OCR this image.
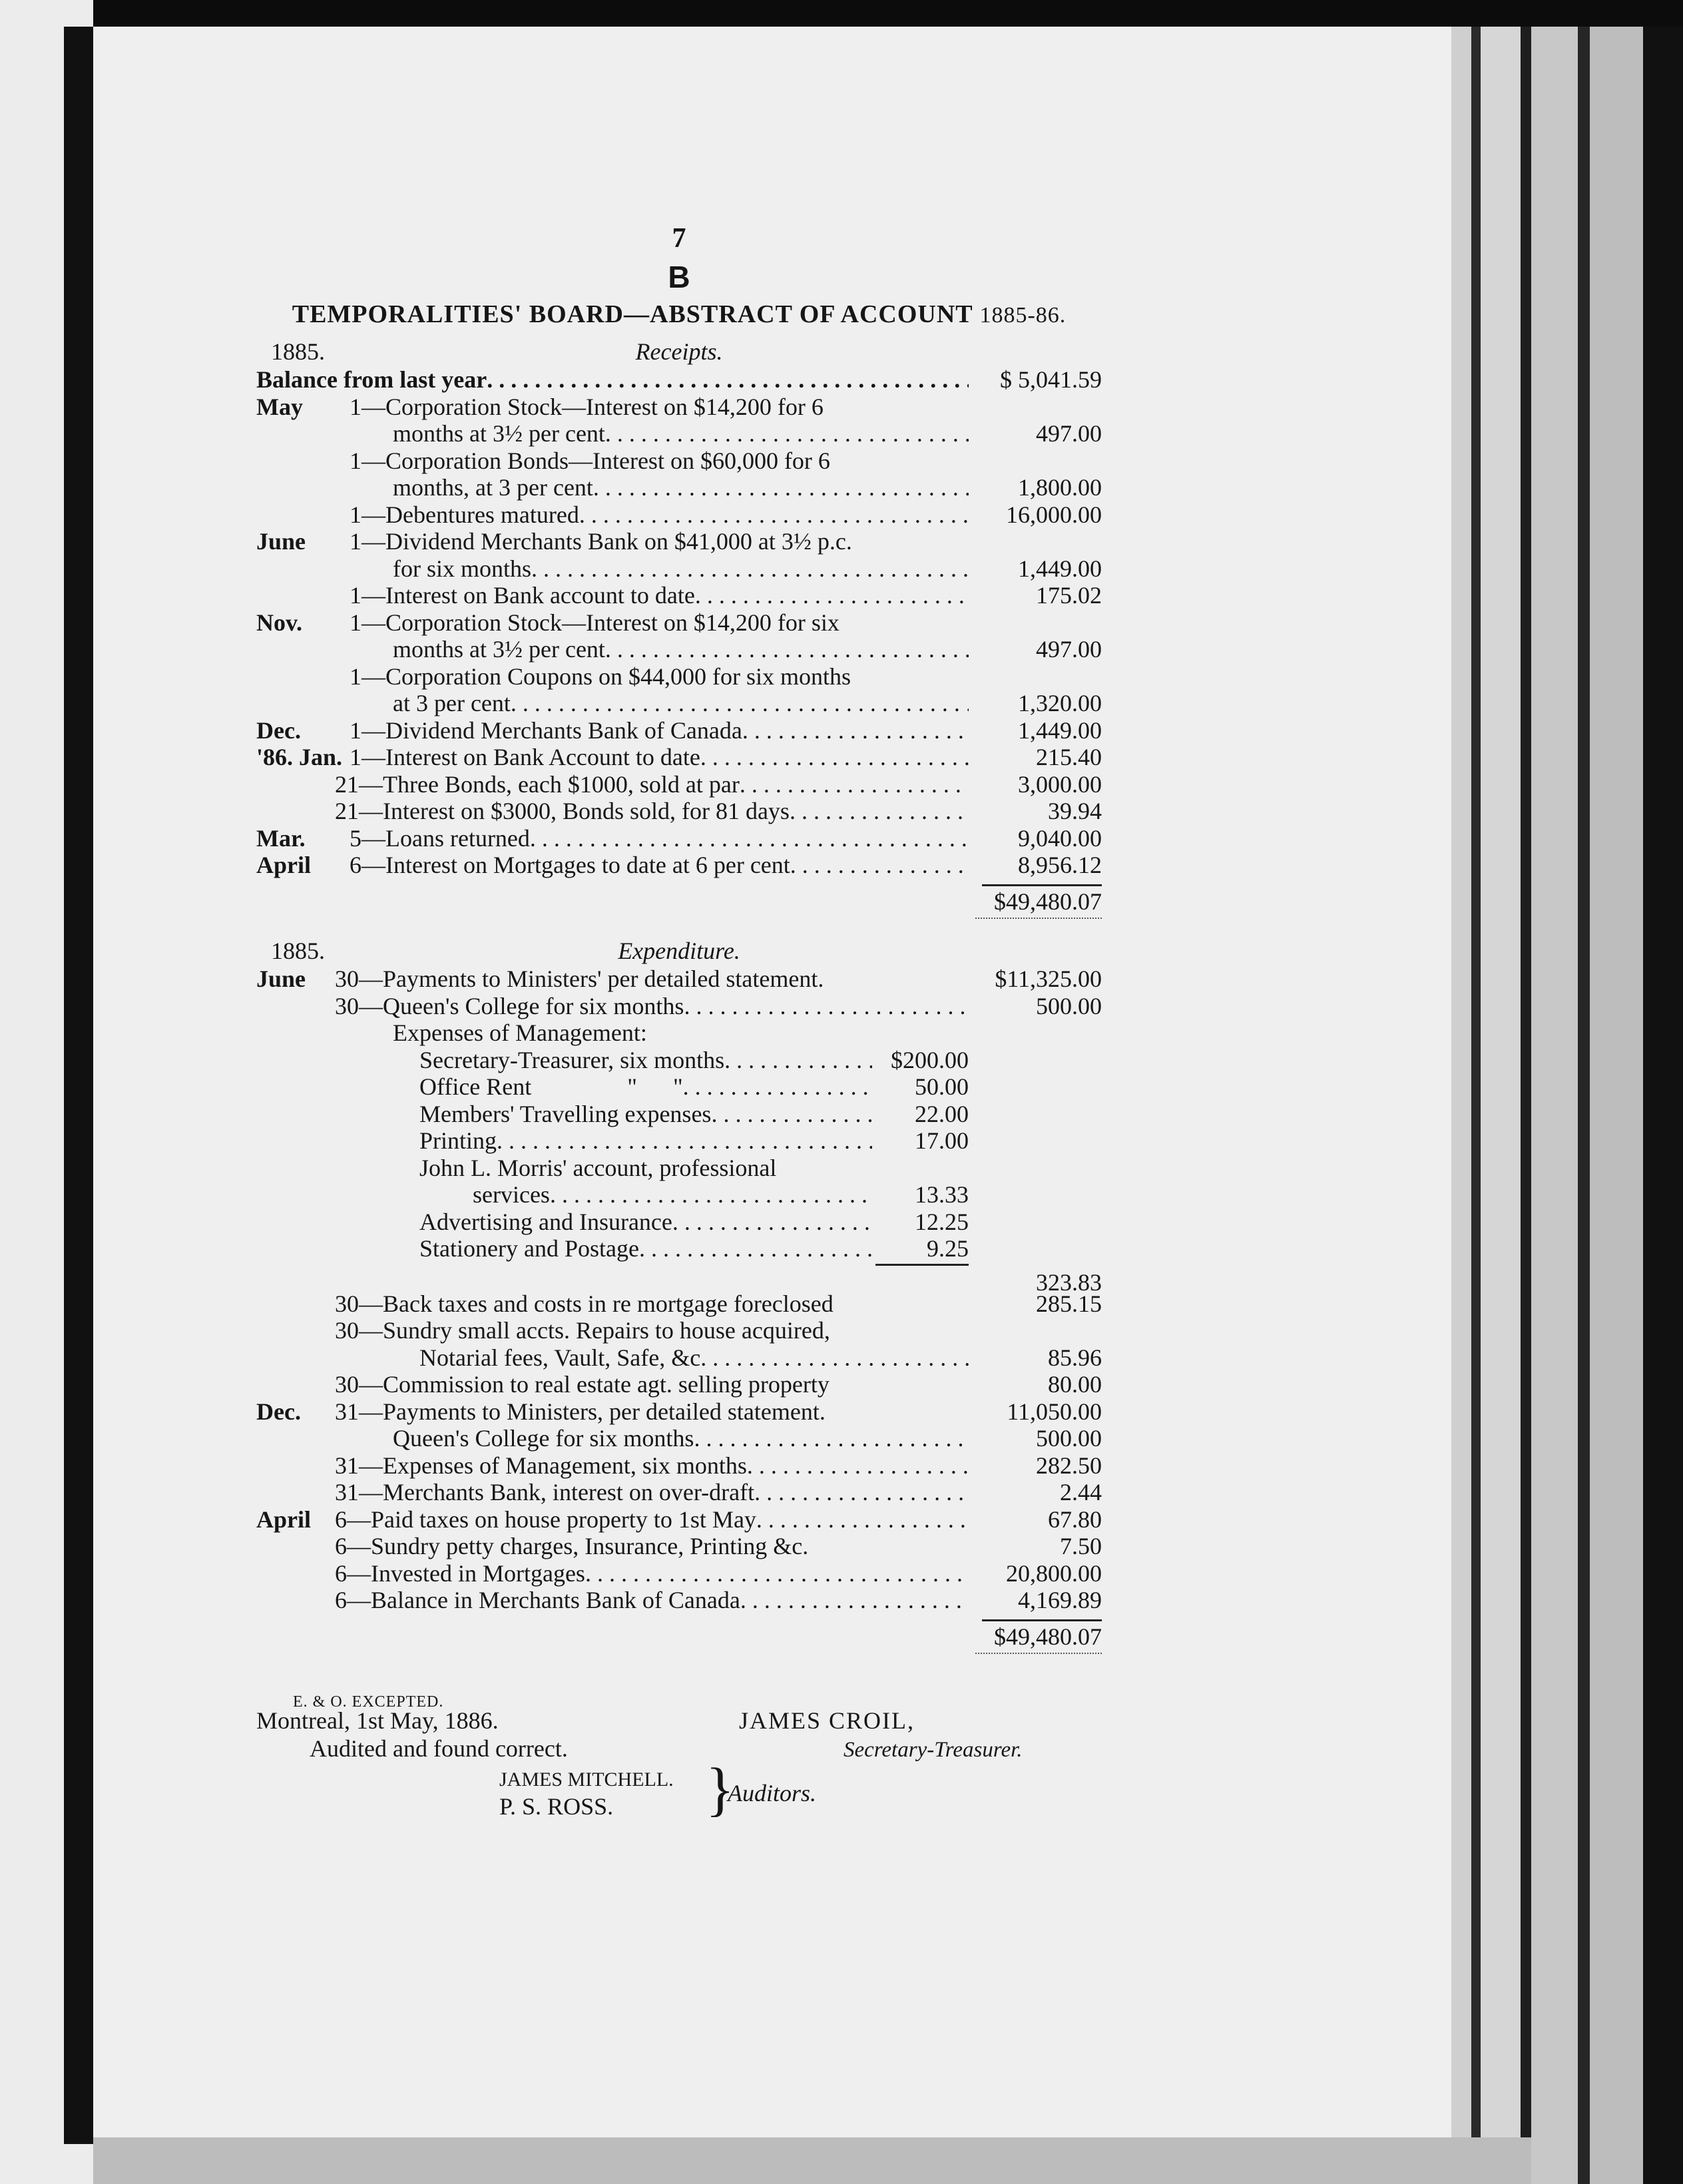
7
B
TEMPORALITIES' BOARD—ABSTRACT OF ACCOUNT 1885-86.
1885.	Receipts.
Balance from last year . . .	$ 5,041.59
May 1—Corporation Stock—Interest on $14,200 for 6
months at 3½ per cent . . .	497.00
1—Corporation Bonds—Interest on $60,000 for 6
months, at 3 per cent . . .	1,800.00
1—Debentures matured . . .	16,000.00
June 1—Dividend Merchants Bank on $41,000 at 3½ p.c.
for six months . . .	1,449.00
1—Interest on Bank account to date . . .	175.02
Nov. 1—Corporation Stock—Interest on $14,200 for six
months at 3½ per cent . . .	497.00
1—Corporation Coupons on $44,000 for six months
at 3 per cent . . .	1,320.00
Dec. 1—Dividend Merchants Bank of Canada . . .	1,449.00
'86. Jan. 1—Interest on Bank Account to date . . .	215.40
21—Three Bonds, each $1000, sold at par . . .	3,000.00
21—Interest on $3000, Bonds sold, for 81 days . . .	39.94
Mar. 5—Loans returned . . .	9,040.00
April 6—Interest on Mortgages to date at 6 per cent . . .	8,956.12
$49,480.07
1885.	Expenditure.
June 30—Payments to Ministers' per detailed statement.	$11,325.00
30—Queen's College for six months . . .	500.00
Expenses of Management:
Secretary-Treasurer, six months . . .	$200.00
Office Rent                "      " . . .	50.00
Members' Travelling expenses . . .	22.00
Printing . . .	17.00
John L. Morris' account, professional
services . . .	13.33
Advertising and Insurance . . .	12.25
Stationery and Postage . . .	9.25
323.83
30—Back taxes and costs in re mortgage foreclosed	285.15
30—Sundry small accts. Repairs to house acquired,
Notarial fees, Vault, Safe, &c . . .	85.96
30—Commission to real estate agt. selling property	80.00
Dec. 31—Payments to Ministers, per detailed statement.	11,050.00
Queen's College for six months . . .	500.00
31—Expenses of Management, six months . . .	282.50
31—Merchants Bank, interest on over-draft . . .	2.44
April 6—Paid taxes on house property to 1st May . . .	67.80
6—Sundry petty charges, Insurance, Printing &c.	7.50
6—Invested in Mortgages . . .	20,800.00
6—Balance in Merchants Bank of Canada . . .	4,169.89
$49,480.07
E. & O. EXCEPTED.
Montreal, 1st May, 1886.	JAMES CROIL,
Audited and found correct.	Secretary-Treasurer.
JAMES MITCHELL.
P. S. ROSS. }
Auditors.
